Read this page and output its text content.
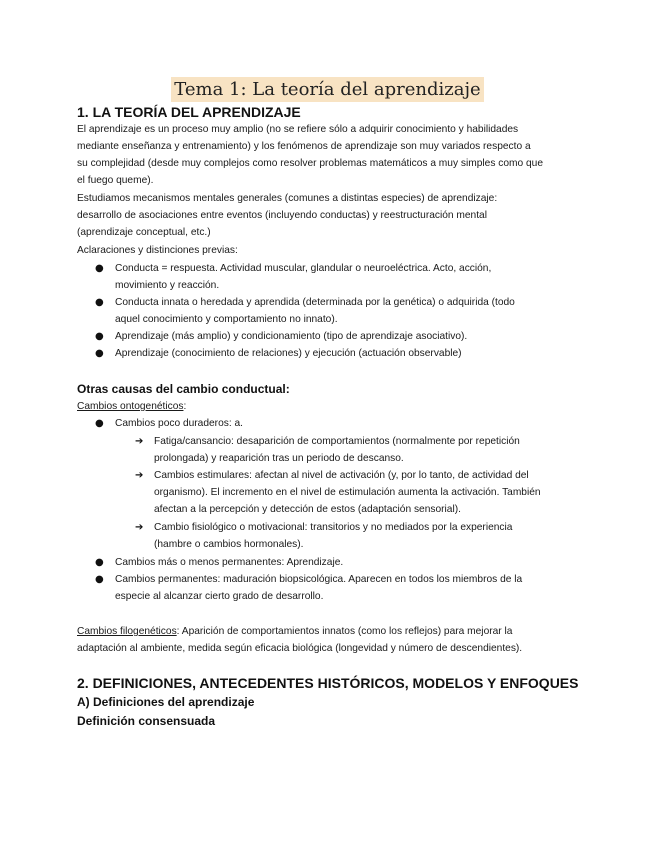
Tema 1: La teoría del aprendizaje
1. LA TEORÍA DEL APRENDIZAJE

El aprendizaje es un proceso muy amplio (no se refiere sólo a adquirir conocimiento y habilidades
mediante enseñanza y entrenamiento) y los fenómenos de aprendizaje son muy variados respecto a
su complejidad (desde muy complejos como resolver problemas matemáticos a muy simples como que
el fuego queme).

Estudiamos mecanismos mentales generales (comunes a distintas especies) de aprendizaje:
desarrollo de asociaciones entre eventos (incluyendo conductas) y reestructuración mental
(aprendizaje conceptual, etc.)

Aclaraciones y distinciones previas:

●	Conducta = respuesta. Actividad muscular, glandular o neuroeléctrica. Acto, acción,
movimiento y reacción.
●	Conducta innata o heredada y aprendida (determinada por la genética) o adquirida (todo
aquel conocimiento y comportamiento no innato).
●	Aprendizaje (más amplio) y condicionamiento (tipo de aprendizaje asociativo).
●	Aprendizaje (conocimiento de relaciones) y ejecución (actuación observable)
Otras causas del cambio conductual:

Cambios ontogenéticos:

●	Cambios poco duraderos: a.
➔	Fatiga/cansancio: desaparición de comportamientos (normalmente por repetición
prolongada) y reaparición tras un periodo de descanso.
➔	Cambios estimulares: afectan al nivel de activación (y, por lo tanto, de actividad del
organismo). El incremento en el nivel de estimulación aumenta la activación. También
afectan a la percepción y detección de estos (adaptación sensorial).
➔	Cambio fisiológico o motivacional: transitorios y no mediados por la experiencia
(hambre o cambios hormonales).
●	Cambios más o menos permanentes: Aprendizaje.
●	Cambios permanentes: maduración biopsicológica. Aparecen en todos los miembros de la
especie al alcanzar cierto grado de desarrollo.

Cambios filogenéticos: Aparición de comportamientos innatos (como los reflejos) para mejorar la
adaptación al ambiente, medida según eficacia biológica (longevidad y número de descendientes).

2. DEFINICIONES, ANTECEDENTES HISTÓRICOS, MODELOS Y ENFOQUES
A) Definiciones del aprendizaje
Definición consensuada
